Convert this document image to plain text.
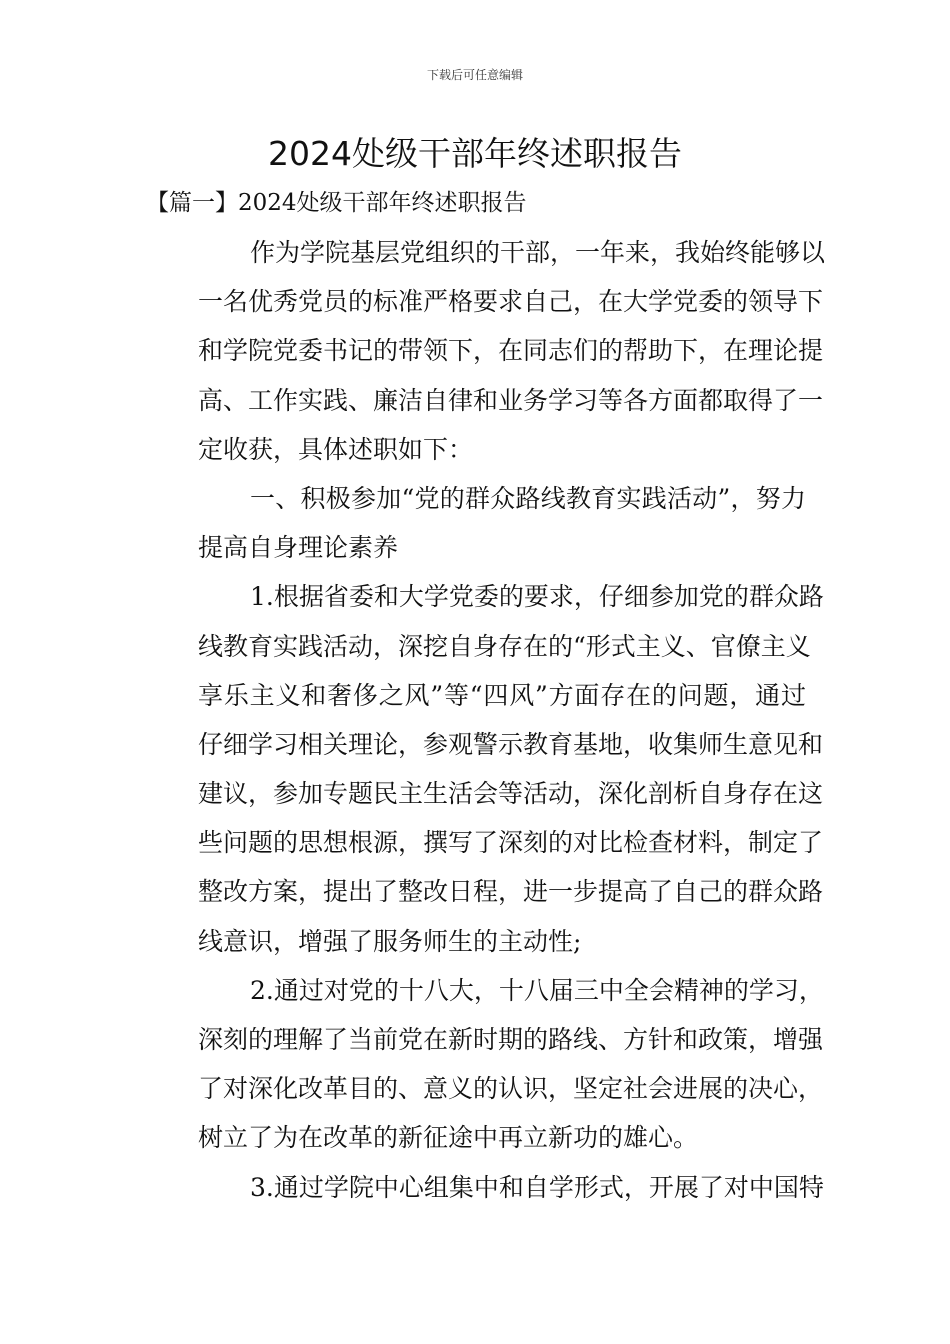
下载后可任意编辑
2024处级干部年终述职报告
【篇一】2024处级干部年终述职报告
作为学院基层党组织的干部，一年来，我始终能够以
一名优秀党员的标准严格要求自己，在大学党委的领导下
和学院党委书记的带领下，在同志们的帮助下，在理论提
高、工作实践、廉洁自律和业务学习等各方面都取得了一
定收获，具体述职如下：
一、积极参加“党的群众路线教育实践活动”，努力
提高自身理论素养
1.根据省委和大学党委的要求，仔细参加党的群众路
线教育实践活动，深挖自身存在的“形式主义、官僚主义
享乐主义和奢侈之风”等“四风”方面存在的问题，通过
仔细学习相关理论，参观警示教育基地，收集师生意见和
建议，参加专题民主生活会等活动，深化剖析自身存在这
些问题的思想根源，撰写了深刻的对比检查材料，制定了
整改方案，提出了整改日程，进一步提高了自己的群众路
线意识，增强了服务师生的主动性;
2.通过对党的十八大，十八届三中全会精神的学习，
深刻的理解了当前党在新时期的路线、方针和政策，增强
了对深化改革目的、意义的认识，坚定社会进展的决心，
树立了为在改革的新征途中再立新功的雄心。
3.通过学院中心组集中和自学形式，开展了对中国特
